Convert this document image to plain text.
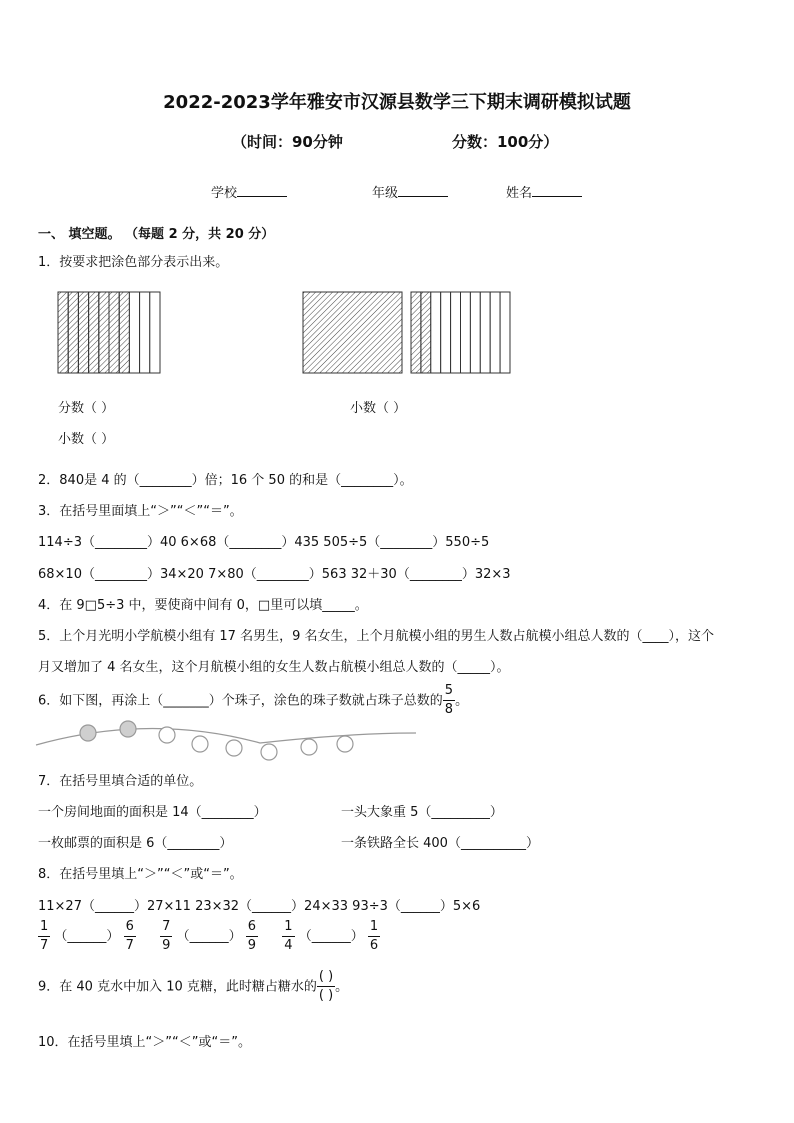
2022-2023学年雅安市汉源县数学三下期末调研模拟试题
（时间：90分钟	分数：100分）
学校	年级	姓名
一、 填空题。 （每题 2 分，共 20 分）
1．按要求把涂色部分表示出来。
分数（ ）	小数（ ）
小数（ ）
2．840是 4 的（________）倍；16 个 50 的和是（________）。
3．在括号里面填上“＞”“＜”“＝”。
114÷3（________）40 6×68（________）435 505÷5（________）550÷5
68×10（________）34×20 7×80（________）563 32＋30（________）32×3
4．在 9□5÷3 中，要使商中间有 0，□里可以填_____。
5．上个月光明小学航模小组有 17 名男生，9 名女生，上个月航模小组的男生人数占航模小组总人数的（____），这个
月又增加了 4 名女生，这个月航模小组的女生人数占航模小组总人数的（_____）。
6．如下图，再涂上（_______）个珠子，涂色的珠子数就占珠子总数的 $\frac{5}{8}$ 。
7．在括号里填合适的单位。
一个房间地面的面积是 14（________）	一头大象重 5（_________）
一枚邮票的面积是 6（________）	一条铁路全长 400（__________）
8．在括号里填上“＞”“＜”或“＝”。
11×27（______）27×11 23×32（______）24×33 93÷3（______）5×6
$\frac{1}{7}$ （______） $\frac{6}{7}$
$\frac{7}{9}$ （______） $\frac{6}{9}$
$\frac{1}{4}$ （______） $\frac{1}{6}$
9．在 40 克水中加入 10 克糖，此时糖占糖水的 $\frac{( )}{( )}$ 。
10．在括号里填上“＞”“＜”或“＝”。
